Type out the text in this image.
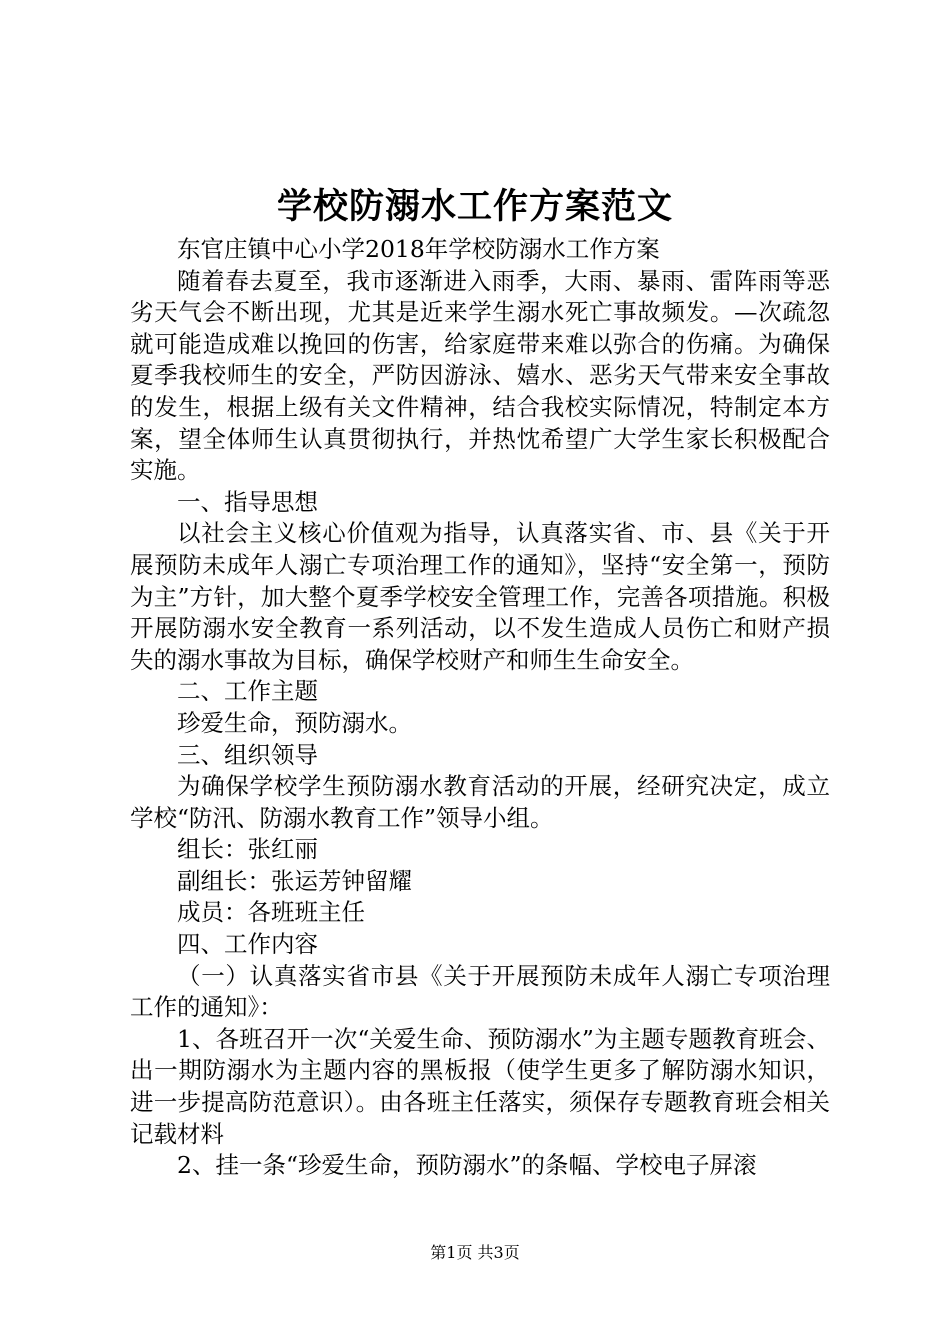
学校防溺水工作方案范文

东官庄镇中心小学2018年学校防溺水工作方案

随着春去夏至，我市逐渐进入雨季，大雨、暴雨、雷阵雨等恶劣天气会不断出现，尤其是近来学生溺水死亡事故频发。—次疏忽就可能造成难以挽回的伤害，给家庭带来难以弥合的伤痛。为确保夏季我校师生的安全，严防因游泳、嬉水、恶劣天气带来安全事故的发生，根据上级有关文件精神，结合我校实际情况，特制定本方案，望全体师生认真贯彻执行，并热忱希望广大学生家长积极配合实施。

一、指导思想

以社会主义核心价值观为指导，认真落实省、市、县《关于开展预防未成年人溺亡专项治理工作的通知》，坚持“安全第一，预防为主”方针，加大整个夏季学校安全管理工作，完善各项措施。积极开展防溺水安全教育一系列活动，以不发生造成人员伤亡和财产损失的溺水事故为目标，确保学校财产和师生生命安全。

二、工作主题

珍爱生命，预防溺水。

三、组织领导

为确保学校学生预防溺水教育活动的开展，经研究决定，成立学校“防汛、防溺水教育工作”领导小组。

组长：张红丽

副组长：张运芳钟留耀

成员：各班班主任

四、工作内容

（一）认真落实省市县《关于开展预防未成年人溺亡专项治理工作的通知》：

1、各班召开一次“关爱生命、预防溺水”为主题专题教育班会、出一期防溺水为主题内容的黑板报（使学生更多了解防溺水知识，进一步提高防范意识）。由各班主任落实，须保存专题教育班会相关记载材料

2、挂一条“珍爱生命，预防溺水”的条幅、学校电子屏滚

第1页 共3页
